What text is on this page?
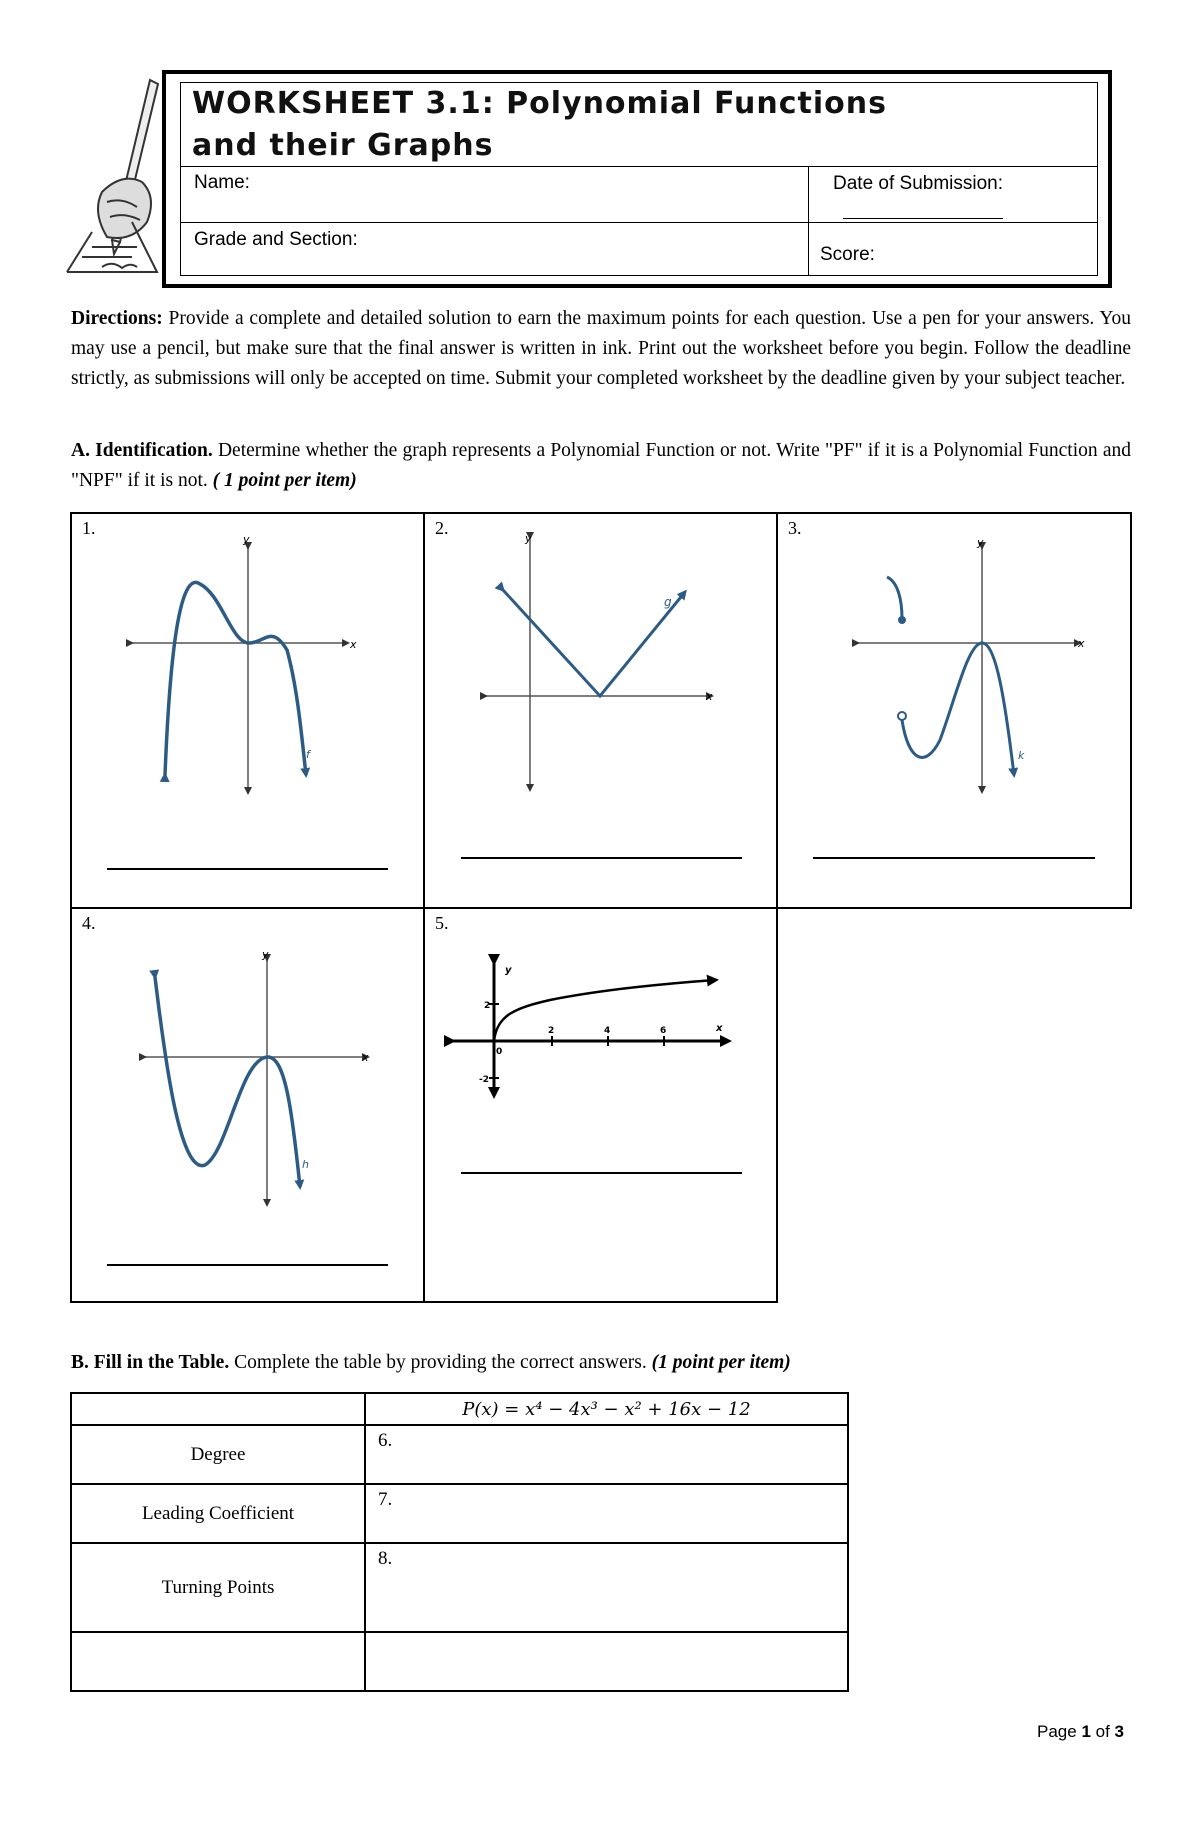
WORKSHEET 3.1: Polynomial Functions
and their Graphs
Name:	Date of Submission:
Grade and Section:
Score:
Directions: Provide a complete and detailed solution to earn the maximum points for each question. Use a pen for your answers. You may use a pencil, but make sure that the final answer is written in ink. Print out the worksheet before you begin. Follow the deadline strictly, as submissions will only be accepted on time. Submit your completed worksheet by the deadline given by your subject teacher.
A. Identification. Determine whether the graph represents a Polynomial Function or not. Write "PF" if it is a Polynomial Function and "NPF" if it is not. ( 1 point per item)
1.	2.	3.
4.	5.
x
y
f
x
y
g
x
y
k
x
y
h
y
x
2
-2
0
2	4	6
B. Fill in the Table. Complete the table by providing the correct answers. (1 point per item)
	P(x) = x⁴ − 4x³ − x² + 16x − 12
Degree	6.
Leading Coefficient	7.
Turning Points	8.

Page 1 of 3
